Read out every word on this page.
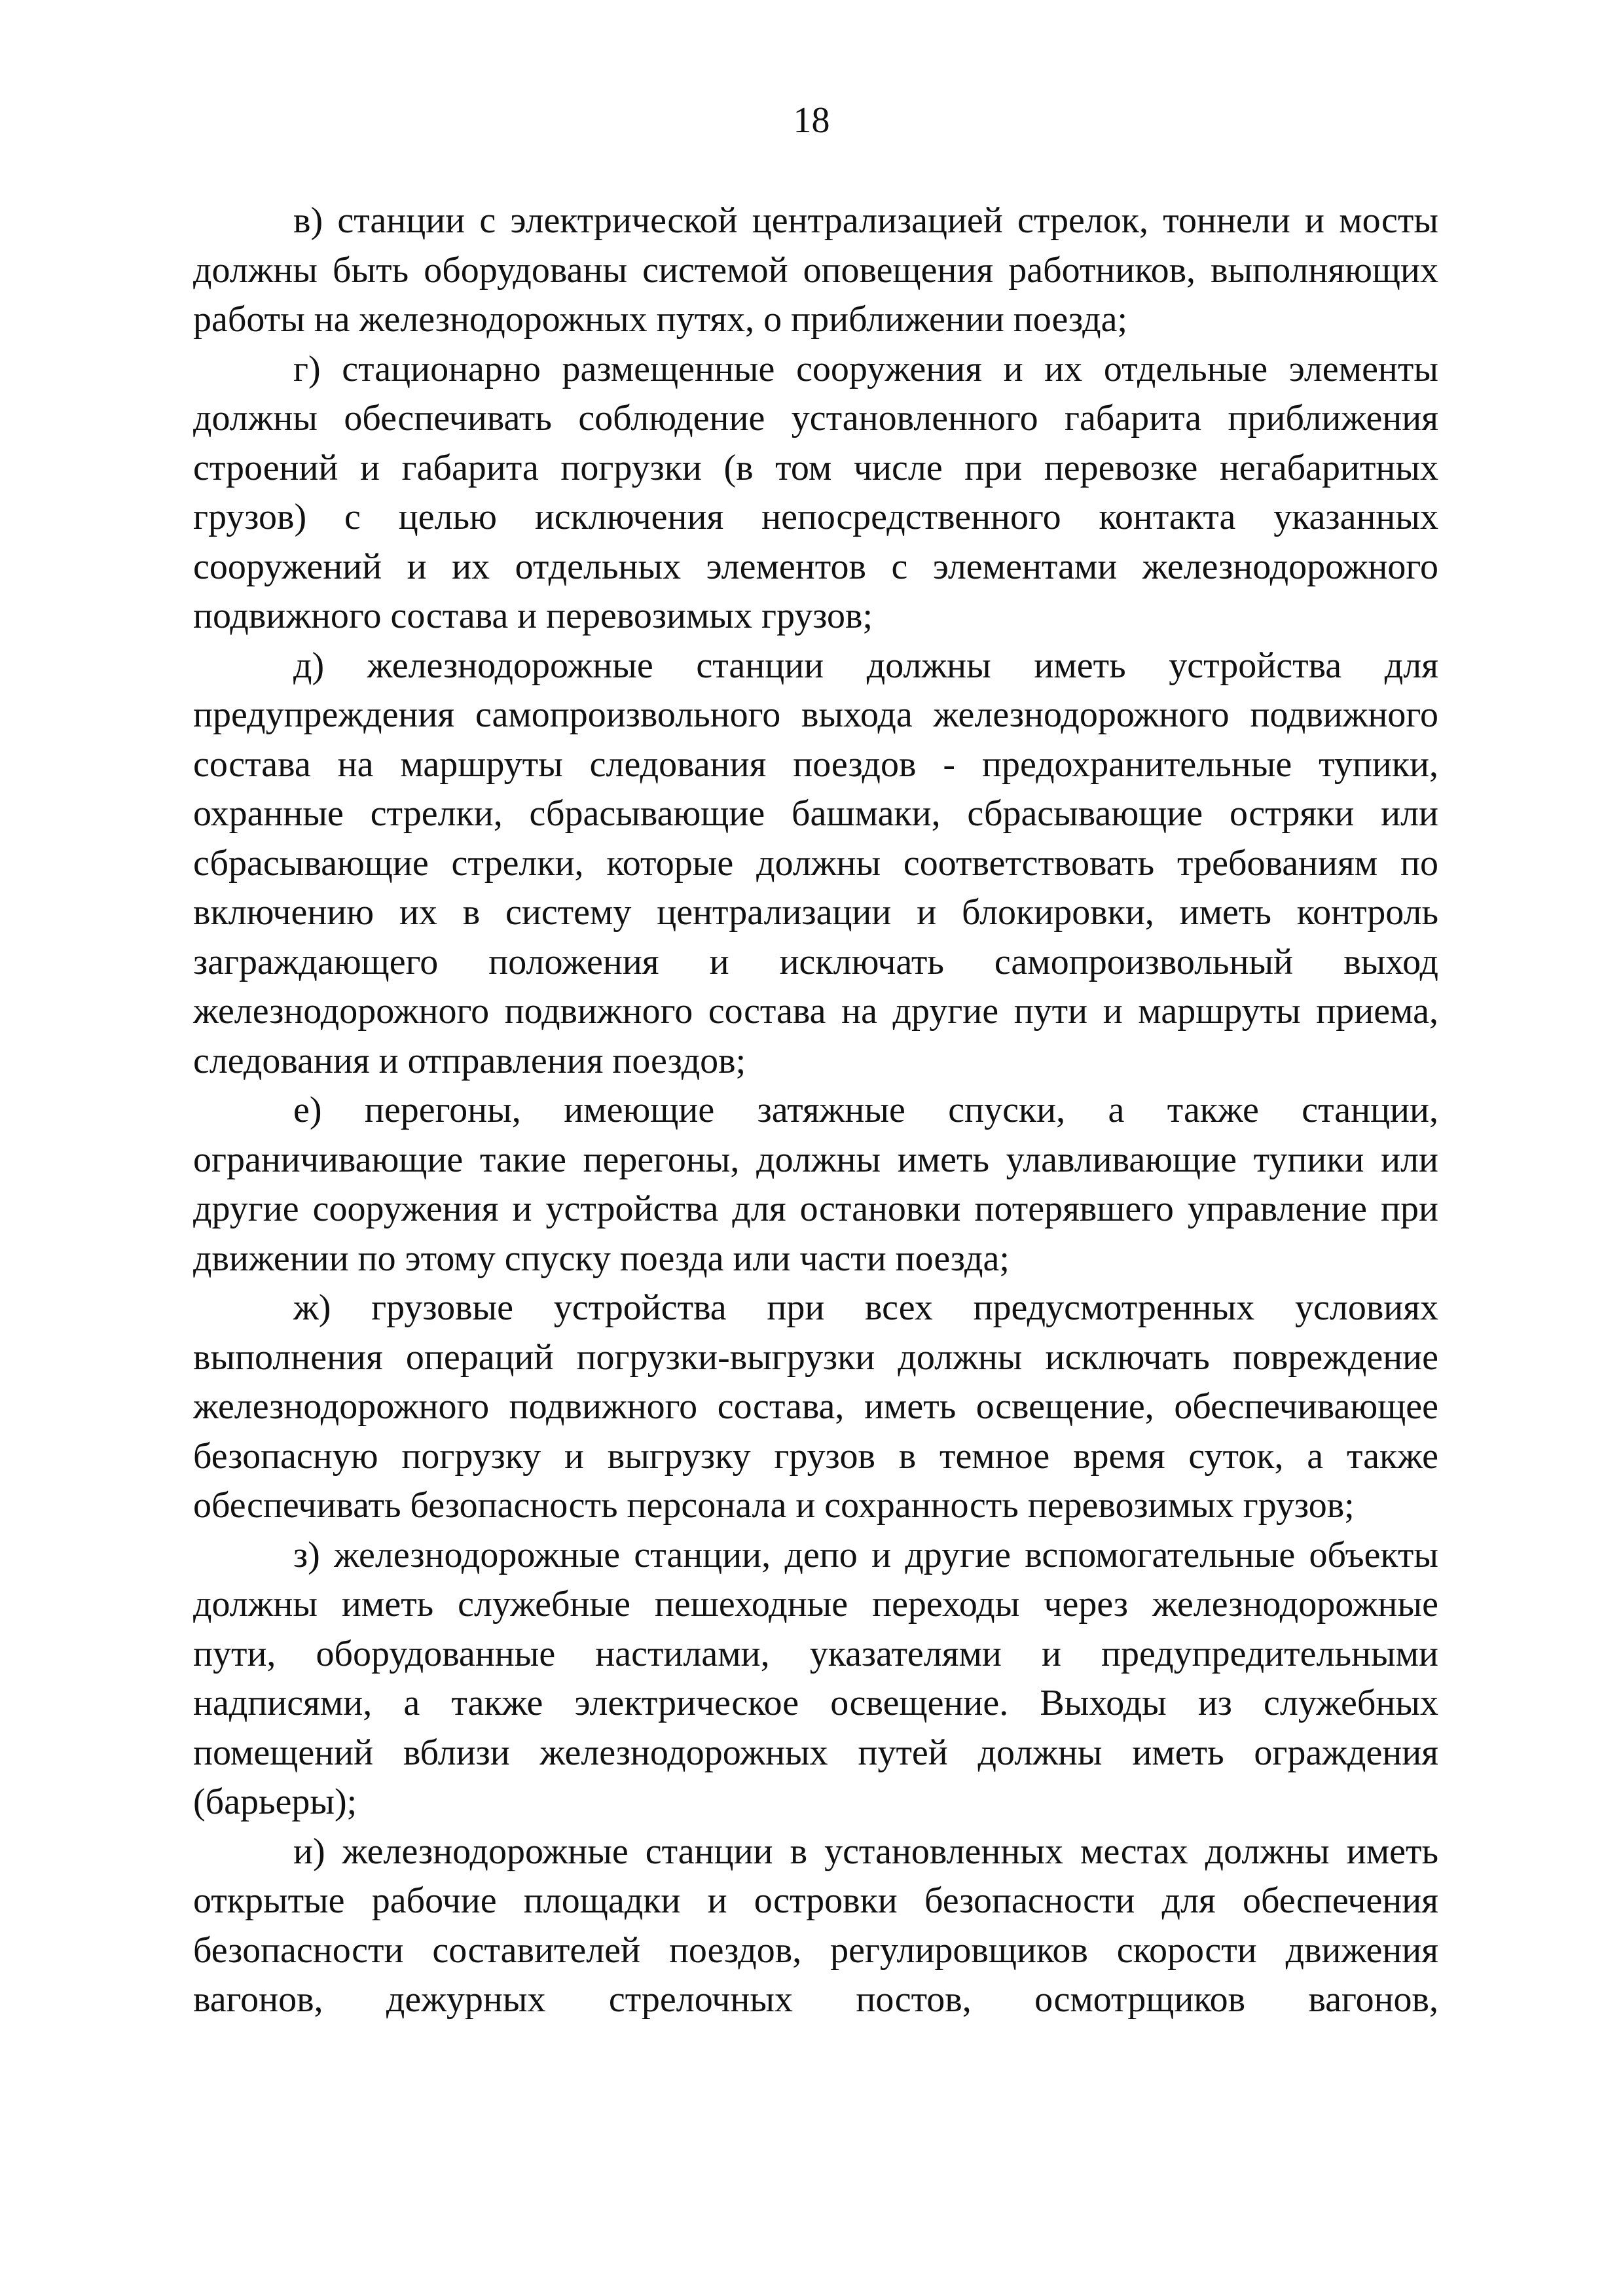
18

в) станции с электрической централизацией стрелок, тоннели и мосты должны быть оборудованы системой оповещения работников, выполняющих работы на железнодорожных путях, о приближении поезда;

г) стационарно размещенные сооружения и их отдельные элементы должны обеспечивать соблюдение установленного габарита приближения строений и габарита погрузки (в том числе при перевозке негабаритных грузов) с целью исключения непосредственного контакта указанных сооружений и их отдельных элементов с элементами железнодорожного подвижного состава и перевозимых грузов;

д) железнодорожные станции должны иметь устройства для предупреждения самопроизвольного выхода железнодорожного подвижного состава на маршруты следования поездов - предохранительные тупики, охранные стрелки, сбрасывающие башмаки, сбрасывающие остряки или сбрасывающие стрелки, которые должны соответствовать требованиям по включению их в систему централизации и блокировки, иметь контроль заграждающего положения и исключать самопроизвольный выход железнодорожного подвижного состава на другие пути и маршруты приема, следования и отправления поездов;

е) перегоны, имеющие затяжные спуски, а также станции, ограничивающие такие перегоны, должны иметь улавливающие тупики или другие сооружения и устройства для остановки потерявшего управление при движении по этому спуску поезда или части поезда;

ж) грузовые устройства при всех предусмотренных условиях выполнения операций погрузки-выгрузки должны исключать повреждение железнодорожного подвижного состава, иметь освещение, обеспечивающее безопасную погрузку и выгрузку грузов в темное время суток, а также обеспечивать безопасность персонала и сохранность перевозимых грузов;

з) железнодорожные станции, депо и другие вспомогательные объекты должны иметь служебные пешеходные переходы через железнодорожные пути, оборудованные настилами, указателями и предупредительными надписями, а также электрическое освещение. Выходы из служебных помещений вблизи железнодорожных путей должны иметь ограждения (барьеры);

и) железнодорожные станции в установленных местах должны иметь открытые рабочие площадки и островки безопасности для обеспечения безопасности составителей поездов, регулировщиков скорости движения вагонов, дежурных стрелочных постов, осмотрщиков вагонов,
